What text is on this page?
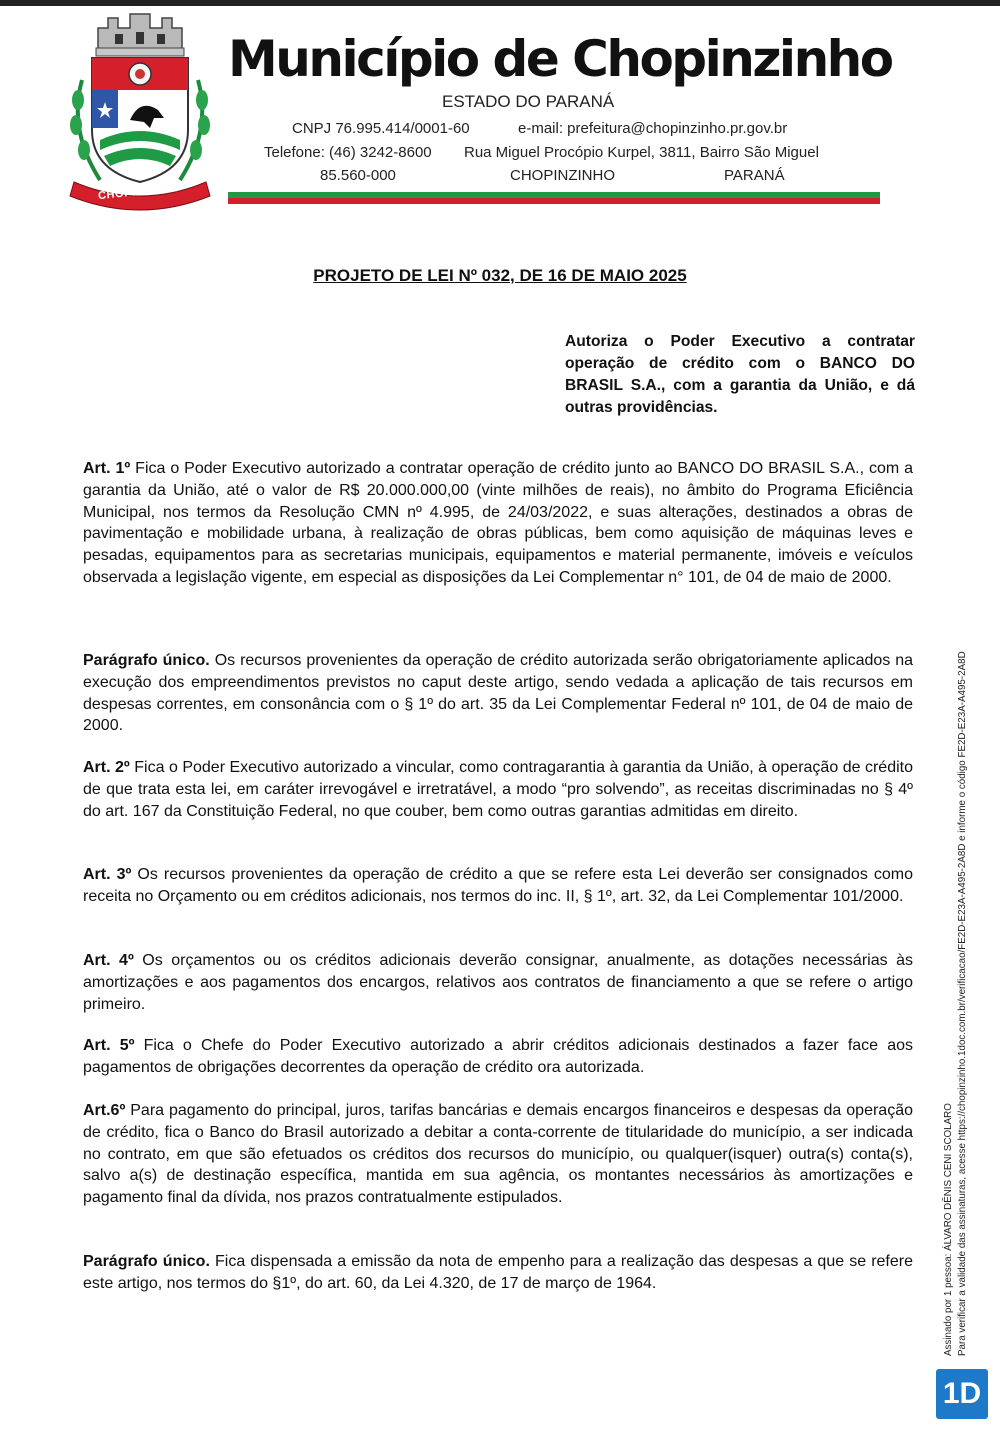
CHOPINZINHO
Município de Chopinzinho
ESTADO DO PARANÁ
CNPJ 76.995.414/0001-60	e-mail: prefeitura@chopinzinho.pr.gov.br
Telefone: (46) 3242-8600 Rua Miguel Procópio Kurpel, 3811, Bairro São Miguel
85.560-000	CHOPINZINHO	PARANÁ
PROJETO DE LEI Nº 032, DE 16 DE MAIO 2025
Autoriza o Poder Executivo a contratar operação de crédito com o BANCO DO BRASIL S.A., com a garantia da União, e dá outras providências.
Art. 1º Fica o Poder Executivo autorizado a contratar operação de crédito junto ao BANCO DO BRASIL S.A., com a garantia da União, até o valor de R$ 20.000.000,00 (vinte milhões de reais), no âmbito do Programa Eficiência Municipal, nos termos da Resolução CMN nº 4.995, de 24/03/2022, e suas alterações, destinados a obras de pavimentação e mobilidade urbana, à realização de obras públicas, bem como aquisição de máquinas leves e pesadas, equipamentos para as secretarias municipais, equipamentos e material permanente, imóveis e veículos observada a legislação vigente, em especial as disposições da Lei Complementar n° 101, de 04 de maio de 2000.
Parágrafo único. Os recursos provenientes da operação de crédito autorizada serão obrigatoriamente aplicados na execução dos empreendimentos previstos no caput deste artigo, sendo vedada a aplicação de tais recursos em despesas correntes, em consonância com o § 1º do art. 35 da Lei Complementar Federal nº 101, de 04 de maio de 2000.
Art. 2º Fica o Poder Executivo autorizado a vincular, como contragarantia à garantia da União, à operação de crédito de que trata esta lei, em caráter irrevogável e irretratável, a modo “pro solvendo”, as receitas discriminadas no § 4º do art. 167 da Constituição Federal, no que couber, bem como outras garantias admitidas em direito.
Art. 3º Os recursos provenientes da operação de crédito a que se refere esta Lei deverão ser consignados como receita no Orçamento ou em créditos adicionais, nos termos do inc. II, § 1º, art. 32, da Lei Complementar 101/2000.
Art. 4º Os orçamentos ou os créditos adicionais deverão consignar, anualmente, as dotações necessárias às amortizações e aos pagamentos dos encargos, relativos aos contratos de financiamento a que se refere o artigo primeiro.
Art. 5º Fica o Chefe do Poder Executivo autorizado a abrir créditos adicionais destinados a fazer face aos pagamentos de obrigações decorrentes da operação de crédito ora autorizada.
Art.6º Para pagamento do principal, juros, tarifas bancárias e demais encargos financeiros e despesas da operação de crédito, fica o Banco do Brasil autorizado a debitar a conta-corrente de titularidade do município, a ser indicada no contrato, em que são efetuados os créditos dos recursos do município, ou qualquer(isquer) outra(s) conta(s), salvo a(s) de destinação específica, mantida em sua agência, os montantes necessários às amortizações e pagamento final da dívida, nos prazos contratualmente estipulados.
Parágrafo único. Fica dispensada a emissão da nota de empenho para a realização das despesas a que se refere este artigo, nos termos do §1º, do art. 60, da Lei 4.320, de 17 de março de 1964.	Assinado por 1 pessoa: ÁLVARO DÊNIS CENI SCOLARO Para verificar a validade das assinaturas, acesse https://chopinzinho.1doc.com.br/verificacao/FE2D-E23A-A495-2A8D e informe o código FE2D-E23A-A495-2A8D
1D
